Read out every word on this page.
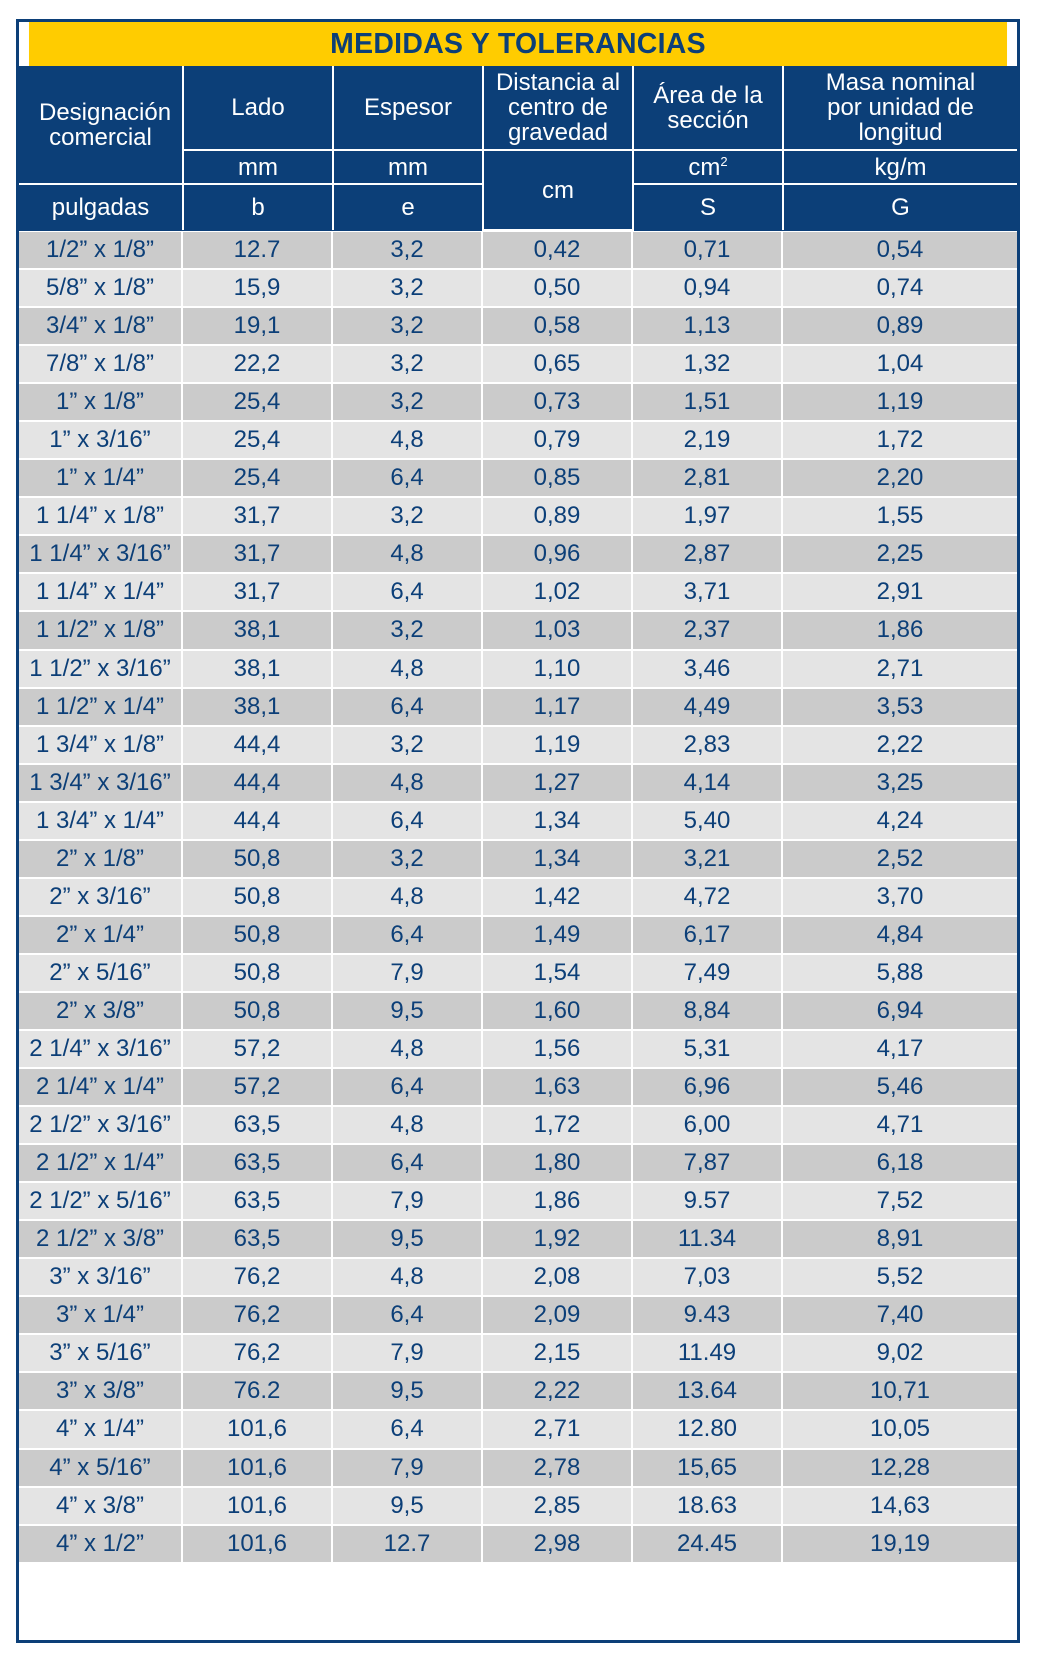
MEDIDAS Y TOLERANCIAS
Designación comercial	Lado	Espesor	Distancia al centro de gravedad	Área de la sección	Masa nominal por unidad de longitud
	mm	mm	cm	$cm^2$	kg/m
pulgadas	b	e		S	G
1/2” x 1/8”	12.7	3,2	0,42	0,71	0,54
5/8” x 1/8”	15,9	3,2	0,50	0,94	0,74
3/4” x 1/8”	19,1	3,2	0,58	1,13	0,89
7/8” x 1/8”	22,2	3,2	0,65	1,32	1,04
1” x 1/8”	25,4	3,2	0,73	1,51	1,19
1” x 3/16”	25,4	4,8	0,79	2,19	1,72
1” x 1/4”	25,4	6,4	0,85	2,81	2,20
1 1/4” x 1/8”	31,7	3,2	0,89	1,97	1,55
1 1/4” x 3/16”	31,7	4,8	0,96	2,87	2,25
1 1/4” x 1/4”	31,7	6,4	1,02	3,71	2,91
1 1/2” x 1/8”	38,1	3,2	1,03	2,37	1,86
1 1/2” x 3/16”	38,1	4,8	1,10	3,46	2,71
1 1/2” x 1/4”	38,1	6,4	1,17	4,49	3,53
1 3/4” x 1/8”	44,4	3,2	1,19	2,83	2,22
1 3/4” x 3/16”	44,4	4,8	1,27	4,14	3,25
1 3/4” x 1/4”	44,4	6,4	1,34	5,40	4,24
2” x 1/8”	50,8	3,2	1,34	3,21	2,52
2” x 3/16”	50,8	4,8	1,42	4,72	3,70
2” x 1/4”	50,8	6,4	1,49	6,17	4,84
2” x 5/16”	50,8	7,9	1,54	7,49	5,88
2” x 3/8”	50,8	9,5	1,60	8,84	6,94
2 1/4” x 3/16”	57,2	4,8	1,56	5,31	4,17
2 1/4” x 1/4”	57,2	6,4	1,63	6,96	5,46
2 1/2” x 3/16”	63,5	4,8	1,72	6,00	4,71
2 1/2” x 1/4”	63,5	6,4	1,80	7,87	6,18
2 1/2” x 5/16”	63,5	7,9	1,86	9.57	7,52
2 1/2” x 3/8”	63,5	9,5	1,92	11.34	8,91
3” x 3/16”	76,2	4,8	2,08	7,03	5,52
3” x 1/4”	76,2	6,4	2,09	9.43	7,40
3” x 5/16”	76,2	7,9	2,15	11.49	9,02
3” x 3/8”	76.2	9,5	2,22	13.64	10,71
4” x 1/4”	101,6	6,4	2,71	12.80	10,05
4” x 5/16”	101,6	7,9	2,78	15,65	12,28
4” x 3/8”	101,6	9,5	2,85	18.63	14,63
4” x 1/2”	101,6	12.7	2,98	24.45	19,19
